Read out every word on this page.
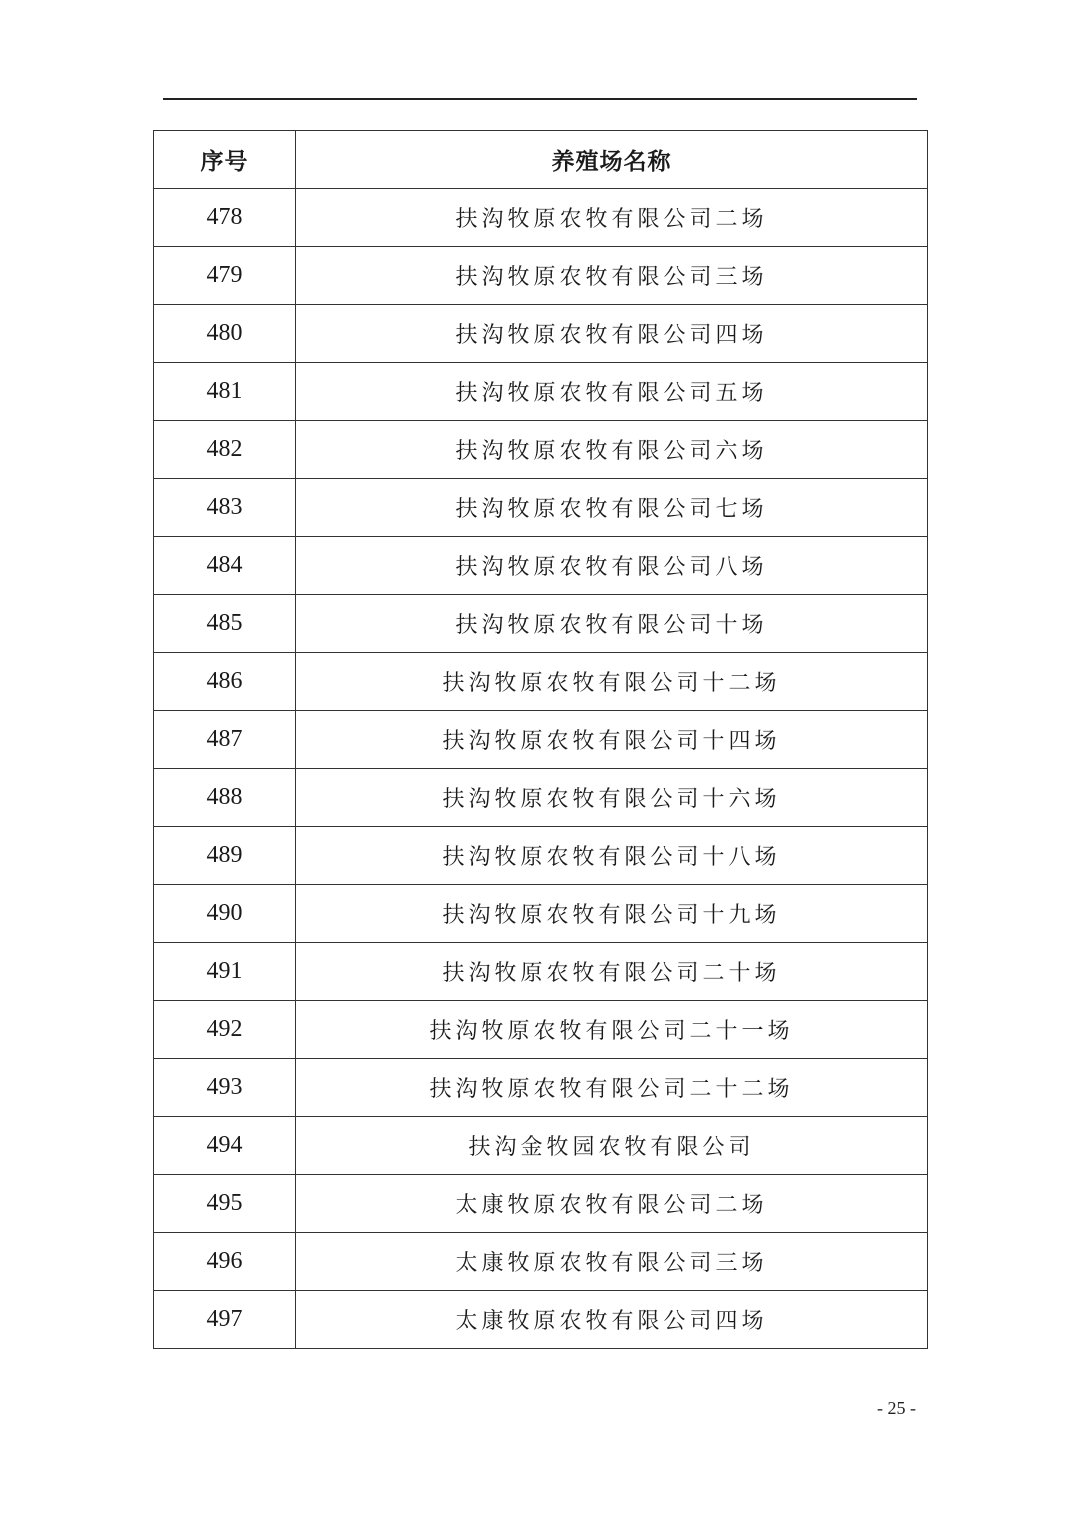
序号	养殖场名称
478	扶沟牧原农牧有限公司二场
479	扶沟牧原农牧有限公司三场
480	扶沟牧原农牧有限公司四场
481	扶沟牧原农牧有限公司五场
482	扶沟牧原农牧有限公司六场
483	扶沟牧原农牧有限公司七场
484	扶沟牧原农牧有限公司八场
485	扶沟牧原农牧有限公司十场
486	扶沟牧原农牧有限公司十二场
487	扶沟牧原农牧有限公司十四场
488	扶沟牧原农牧有限公司十六场
489	扶沟牧原农牧有限公司十八场
490	扶沟牧原农牧有限公司十九场
491	扶沟牧原农牧有限公司二十场
492	扶沟牧原农牧有限公司二十一场
493	扶沟牧原农牧有限公司二十二场
494	扶沟金牧园农牧有限公司
495	太康牧原农牧有限公司二场
496	太康牧原农牧有限公司三场
497	太康牧原农牧有限公司四场
- 25 -
